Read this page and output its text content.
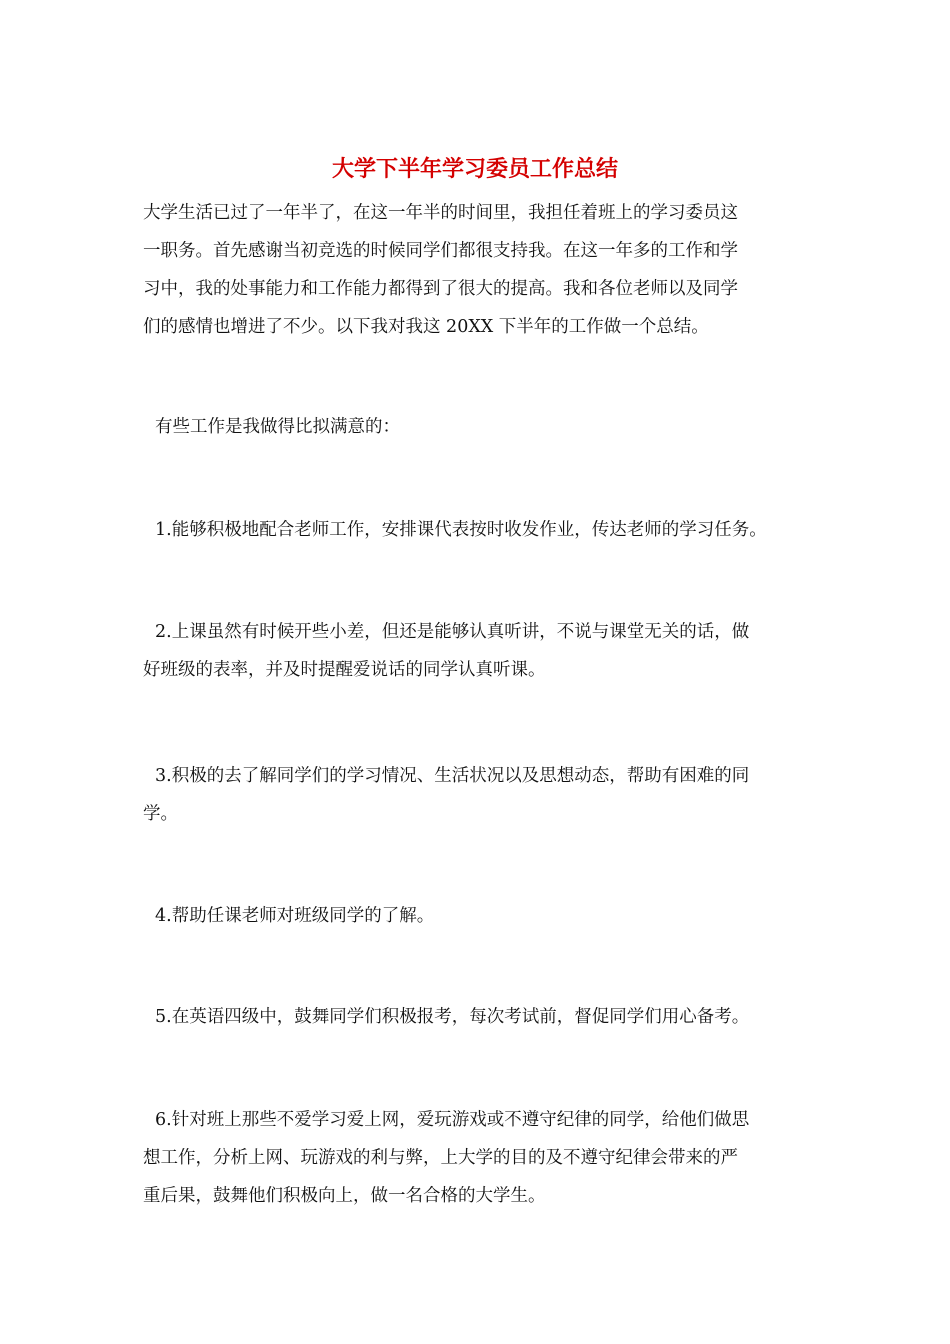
大学下半年学习委员工作总结
大学生活已过了一年半了，在这一年半的时间里，我担任着班上的学习委员这
一职务。首先感谢当初竞选的时候同学们都很支持我。在这一年多的工作和学
习中，我的处事能力和工作能力都得到了很大的提高。我和各位老师以及同学
们的感情也增进了不少。以下我对我这 20XX 下半年的工作做一个总结。

有些工作是我做得比拟满意的：

1.能够积极地配合老师工作，安排课代表按时收发作业，传达老师的学习任务。
2.上课虽然有时候开些小差，但还是能够认真听讲，不说与课堂无关的话，做
好班级的表率，并及时提醒爱说话的同学认真听课。
3.积极的去了解同学们的学习情况、生活状况以及思想动态，帮助有困难的同
学。
4.帮助任课老师对班级同学的了解。
5.在英语四级中，鼓舞同学们积极报考，每次考试前，督促同学们用心备考。
6.针对班上那些不爱学习爱上网，爱玩游戏或不遵守纪律的同学，给他们做思
想工作，分析上网、玩游戏的利与弊，上大学的目的及不遵守纪律会带来的严
重后果，鼓舞他们积极向上，做一名合格的大学生。
